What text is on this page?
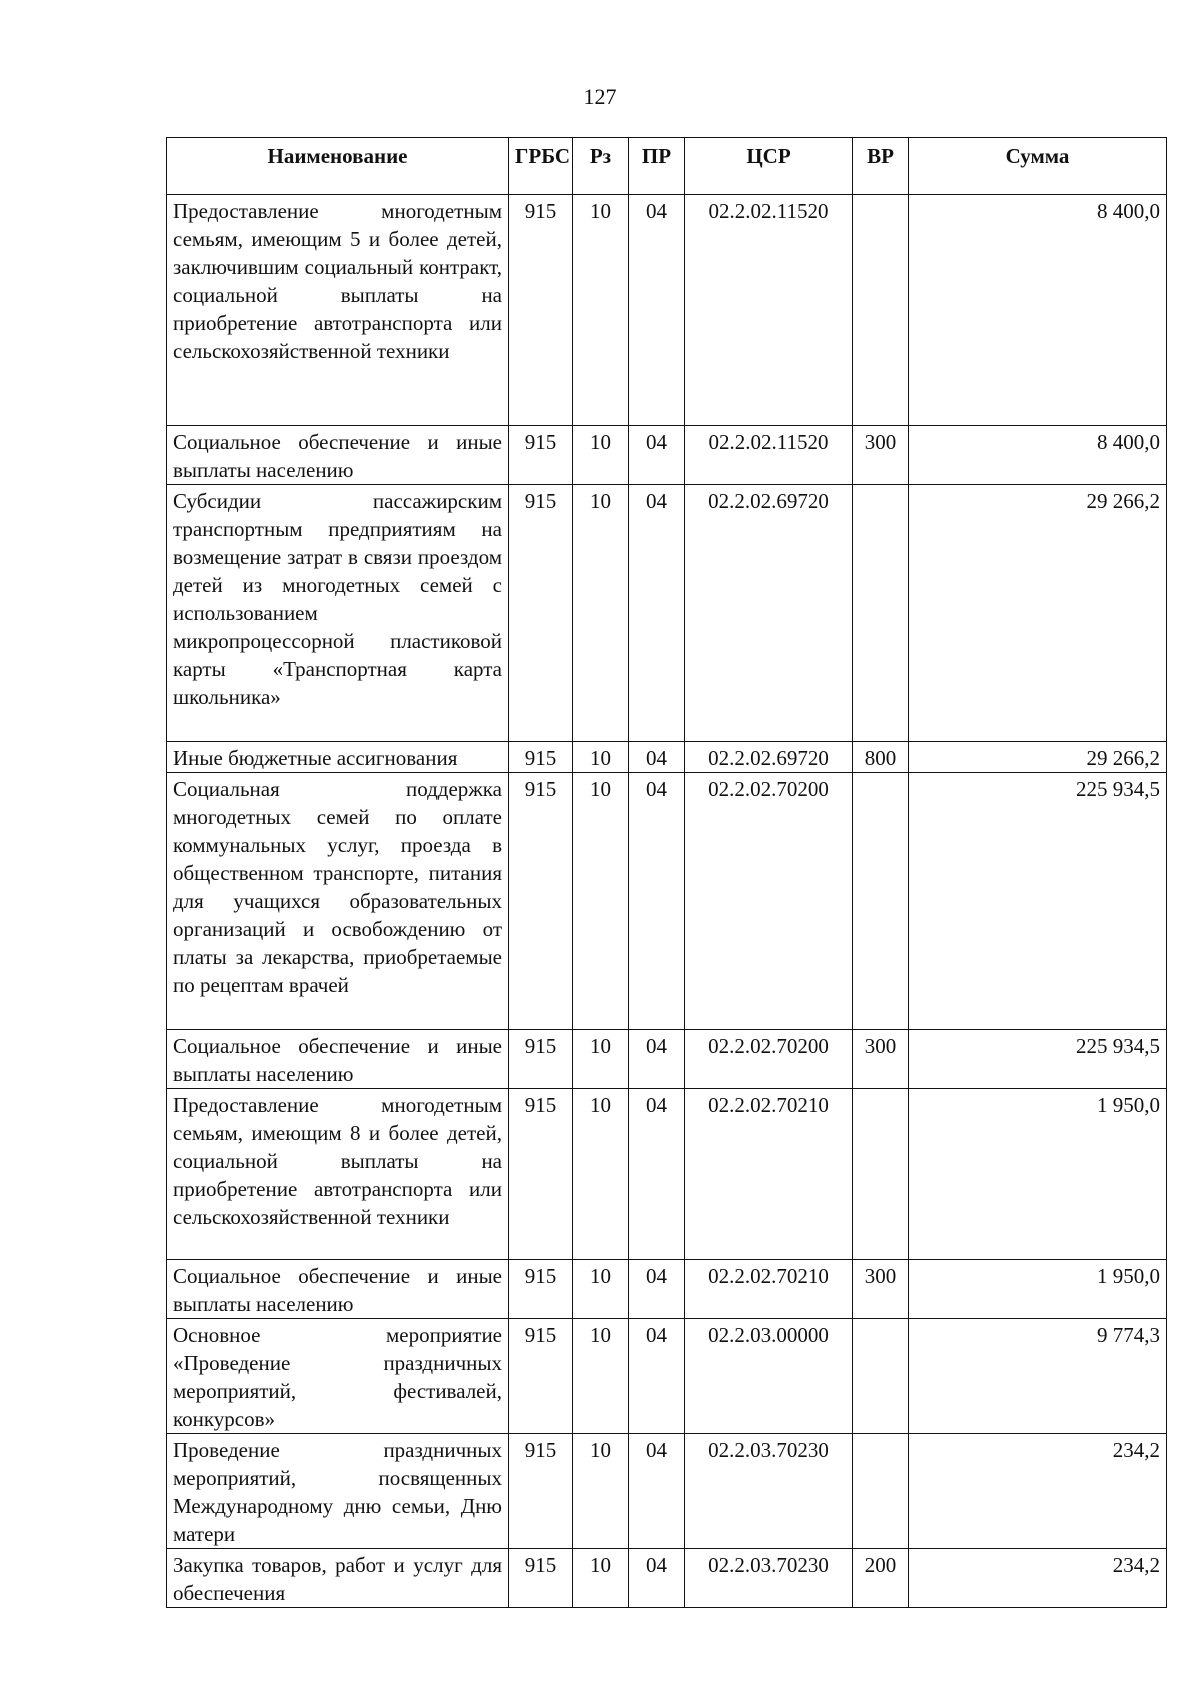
127
Наименование	ГРБС	Рз	ПР	ЦСР	ВР	Сумма
Предоставление многодетным семьям, имеющим 5 и более детей, заключившим социальный контракт, социальной выплаты на приобретение автотранспорта или сельскохозяйственной техники	915	10	04	02.2.02.11520		8 400,0
Социальное обеспечение и иные выплаты населению	915	10	04	02.2.02.11520	300	8 400,0
Субсидии пассажирским транспортным предприятиям на возмещение затрат в связи проездом детей из многодетных семей с использованием микропроцессорной пластиковой карты «Транспортная карта школьника»	915	10	04	02.2.02.69720		29 266,2
Иные бюджетные ассигнования	915	10	04	02.2.02.69720	800	29 266,2
Социальная поддержка многодетных семей по оплате коммунальных услуг, проезда в общественном транспорте, питания для учащихся образовательных организаций и освобождению от платы за лекарства, приобретаемые по рецептам врачей	915	10	04	02.2.02.70200		225 934,5
Социальное обеспечение и иные выплаты населению	915	10	04	02.2.02.70200	300	225 934,5
Предоставление многодетным семьям, имеющим 8 и более детей, социальной выплаты на приобретение автотранспорта или сельскохозяйственной техники	915	10	04	02.2.02.70210		1 950,0
Социальное обеспечение и иные выплаты населению	915	10	04	02.2.02.70210	300	1 950,0
Основное мероприятие «Проведение праздничных мероприятий, фестивалей, конкурсов»	915	10	04	02.2.03.00000		9 774,3
Проведение праздничных мероприятий, посвященных Международному дню семьи, Дню матери	915	10	04	02.2.03.70230		234,2
Закупка товаров, работ и услуг для обеспечения	915	10	04	02.2.03.70230	200	234,2
